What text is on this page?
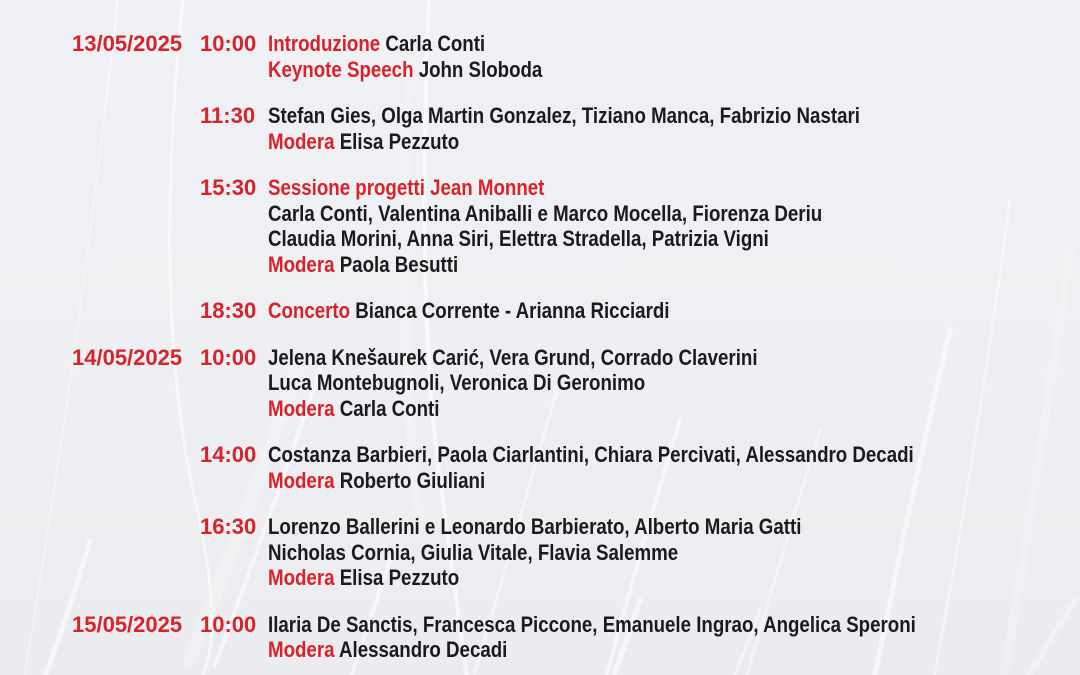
13/05/2025 10:00 Introduzione Carla Conti
Keynote Speech John Sloboda
11:30 Stefan Gies, Olga Martin Gonzalez, Tiziano Manca, Fabrizio Nastari
Modera Elisa Pezzuto
15:30 Sessione progetti Jean Monnet
Carla Conti, Valentina Aniballi e Marco Mocella, Fiorenza Deriu
Claudia Morini, Anna Siri, Elettra Stradella, Patrizia Vigni
Modera Paola Besutti
18:30 Concerto Bianca Corrente - Arianna Ricciardi
14/05/2025 10:00 Jelena Knešaurek Carić, Vera Grund, Corrado Claverini
Luca Montebugnoli, Veronica Di Geronimo
Modera Carla Conti
14:00 Costanza Barbieri, Paola Ciarlantini, Chiara Percivati, Alessandro Decadi
Modera Roberto Giuliani
16:30 Lorenzo Ballerini e Leonardo Barbierato, Alberto Maria Gatti
Nicholas Cornia, Giulia Vitale, Flavia Salemme
Modera Elisa Pezzuto
15/05/2025 10:00 Ilaria De Sanctis, Francesca Piccone, Emanuele Ingrao, Angelica Speroni
Modera Alessandro Decadi
